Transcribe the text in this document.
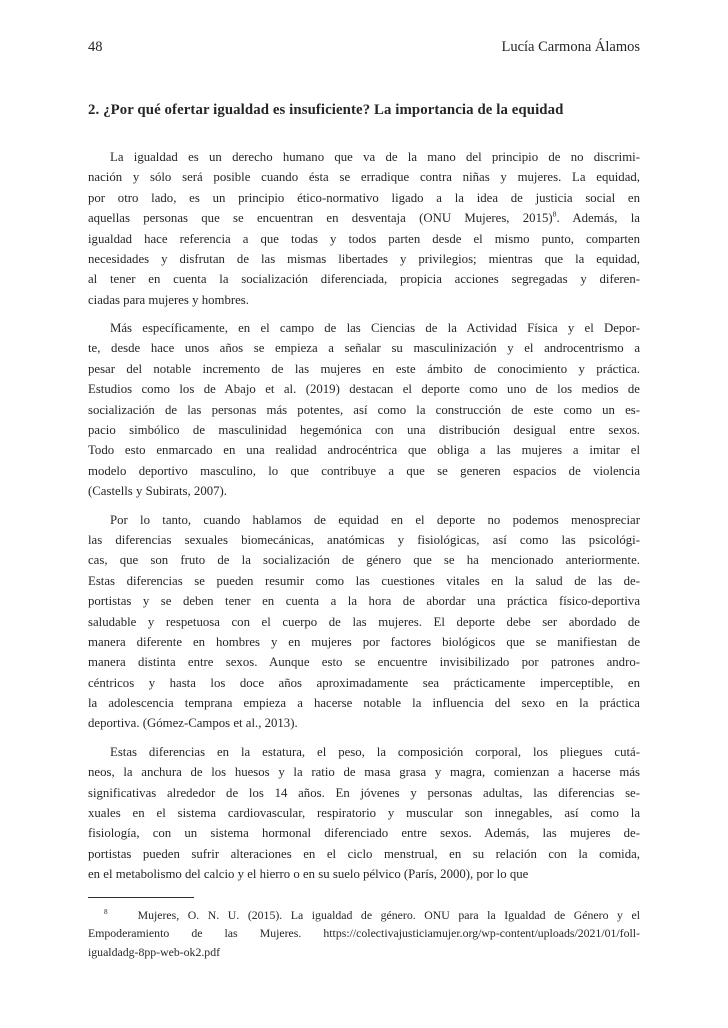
48	Lucía Carmona Álamos
2. ¿Por qué ofertar igualdad es insuficiente? La importancia de la equidad
La igualdad es un derecho humano que va de la mano del principio de no discrimi-
nación y sólo será posible cuando ésta se erradique contra niñas y mujeres. La equidad,
por otro lado, es un principio ético-normativo ligado a la idea de justicia social en
aquellas personas que se encuentran en desventaja (ONU Mujeres, 2015)$^8$. Además, la
igualdad hace referencia a que todas y todos parten desde el mismo punto, comparten
necesidades y disfrutan de las mismas libertades y privilegios; mientras que la equidad,
al tener en cuenta la socialización diferenciada, propicia acciones segregadas y diferen-
ciadas para mujeres y hombres.
Más específicamente, en el campo de las Ciencias de la Actividad Física y el Depor-
te, desde hace unos años se empieza a señalar su masculinización y el androcentrismo a
pesar del notable incremento de las mujeres en este ámbito de conocimiento y práctica.
Estudios como los de Abajo et al. (2019) destacan el deporte como uno de los medios de
socialización de las personas más potentes, así como la construcción de este como un es-
pacio simbólico de masculinidad hegemónica con una distribución desigual entre sexos.
Todo esto enmarcado en una realidad androcéntrica que obliga a las mujeres a imitar el
modelo deportivo masculino, lo que contribuye a que se generen espacios de violencia
(Castells y Subirats, 2007).
Por lo tanto, cuando hablamos de equidad en el deporte no podemos menospreciar
las diferencias sexuales biomecánicas, anatómicas y fisiológicas, así como las psicológi-
cas, que son fruto de la socialización de género que se ha mencionado anteriormente.
Estas diferencias se pueden resumir como las cuestiones vitales en la salud de las de-
portistas y se deben tener en cuenta a la hora de abordar una práctica físico-deportiva
saludable y respetuosa con el cuerpo de las mujeres. El deporte debe ser abordado de
manera diferente en hombres y en mujeres por factores biológicos que se manifiestan de
manera distinta entre sexos. Aunque esto se encuentre invisibilizado por patrones andro-
céntricos y hasta los doce años aproximadamente sea prácticamente imperceptible, en
la adolescencia temprana empieza a hacerse notable la influencia del sexo en la práctica
deportiva. (Gómez-Campos et al., 2013).
Estas diferencias en la estatura, el peso, la composición corporal, los pliegues cutá-
neos, la anchura de los huesos y la ratio de masa grasa y magra, comienzan a hacerse más
significativas alrededor de los 14 años. En jóvenes y personas adultas, las diferencias se-
xuales en el sistema cardiovascular, respiratorio y muscular son innegables, así como la
fisiología, con un sistema hormonal diferenciado entre sexos. Además, las mujeres de-
portistas pueden sufrir alteraciones en el ciclo menstrual, en su relación con la comida,
en el metabolismo del calcio y el hierro o en su suelo pélvico (París, 2000), por lo que
$^8$	Mujeres, O. N. U. (2015). La igualdad de género. ONU para la Igualdad de Género y el
Empoderamiento de las Mujeres. https://colectivajusticiamujer.org/wp-content/uploads/2021/01/foll-
igualdadg-8pp-web-ok2.pdf
